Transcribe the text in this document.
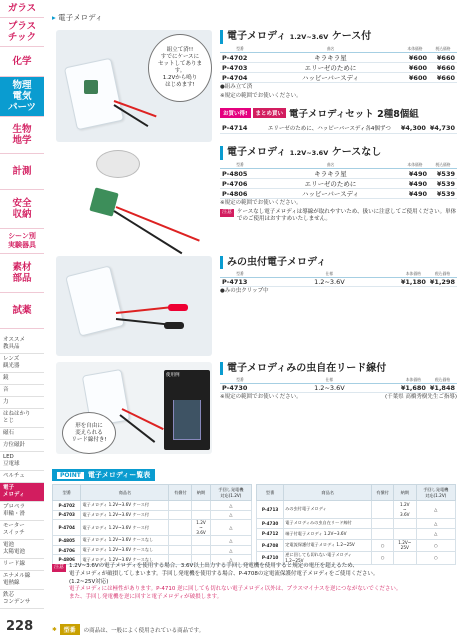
ガラス
プラス
チック
化学
物理
電気
パーツ
生物
地学
計測
安全
収納
シーン別
実験器具
素材
部品
試薬
オススメ
教具品
レンズ
観光器
鏡
音
力
はねはかり
とじ
磁石
方位磁針
LED
豆電球
ペルチェ
電子
メロディ
プロペラ
車輪・滑
モーター
スイッチ
電池
太陽電池
リード線
エナメル線
電熱線
鉄芯
コンデンサ
228
▸ 電子メロディ
組立て済!!
すでにケースに
セットしてあります。
1.2Vから鳴り
はじめます!
形を自由に
変えられる
リード線付き!
使用例
電子メロディ 1.2V~3.6V ケース付
型番	曲名	本体価格	税込価格
P-4702	キラキラ星	¥600	¥660
P-4703	エリーゼのために	¥600	¥660
P-4704	ハッピーバースディ	¥600	¥660
●組み立て済
※規定の範囲でお使いください。
お買い得!	まとめ買い 電子メロディセット 2種8個組
P-4714	エリーゼのために、ハッピーバースディ各4個ずつ	¥4,300	¥4,730
電子メロディ 1.2V~3.6V ケースなし
型番	曲名	本体価格	税込価格
P-4805	キラキラ星	¥490	¥539
P-4706	エリーゼのために	¥490	¥539
P-4806	ハッピーバースディ	¥490	¥539
※規定の範囲でお使いください。
注意 ケースなし電子メロディは導線が取れやすいため、扱いに注意してご使用ください。単体でのご使用はおすすめいたしません。
みの虫付電子メロディ
型番	仕様	本体価格	税込価格
P-4713	1.2~3.6V	¥1,180	¥1,298
●みの虫クリップ中
電子メロディみの虫自在リード線付
型番	仕様	本体価格	税込価格
P-4730	1.2~3.6V	¥1,680	¥1,848
※規定の範囲でお使いください。	(千葉県 高橋秀樹先生ご指導)
POINT 電子メロディー覧表
型番	商品名	有償付	納期	手回し発電機
対応(1.2V)
P-4702	電子メロディ 1.2V~3.6V ケース付			△
P-4703	電子メロディ 1.2V~3.6V ケース付			△
P-4704	電子メロディ 1.2V~3.6V ケース付		1.2V
~
3.6V	△
P-4805	電子メロディ 1.2V~3.6V ケースなし			△
P-4706	電子メロディ 1.2V~3.6V ケースなし			△
P-4806	電子メロディ 1.2V~3.6V ケースなし			△
型番	商品名	有償付	納期	手回し発電機
対応(1.2V)
P-4713	みの虫付電子メロディ		1.2V
~
3.6V	△
P-4730	電子メロディみの虫自在リード線付			△
P-4712	端子付電子メロディ 1.2V~3.6V			△
P-4708	定電流保護付電子メロディ 1.2~25V	○	1.2V~
25V	○
P-4710	逆に回しても切れない電子メロディ1.2~25V	○		○
注意 1.2V~3.6Vの電子メロディを使用する場合、3.6V以上出力する手回し発電機を使用すると規定の電圧を超えるため、
電子メロディが破損してしまいます。手回し発電機を使用する場合、P-4708の定電流保護付電子メロディをご使用ください。
(1.2~25V対応)
電子メロディには極性があります。P-4710 逆に回しても切れない電子メロディ以外は、プラスマイナスを逆につながないでください。
また、手回し発電機を逆に回すと電子メロディが破損します。
✱	型番	の商品は、一般によく使用されている商品です。
